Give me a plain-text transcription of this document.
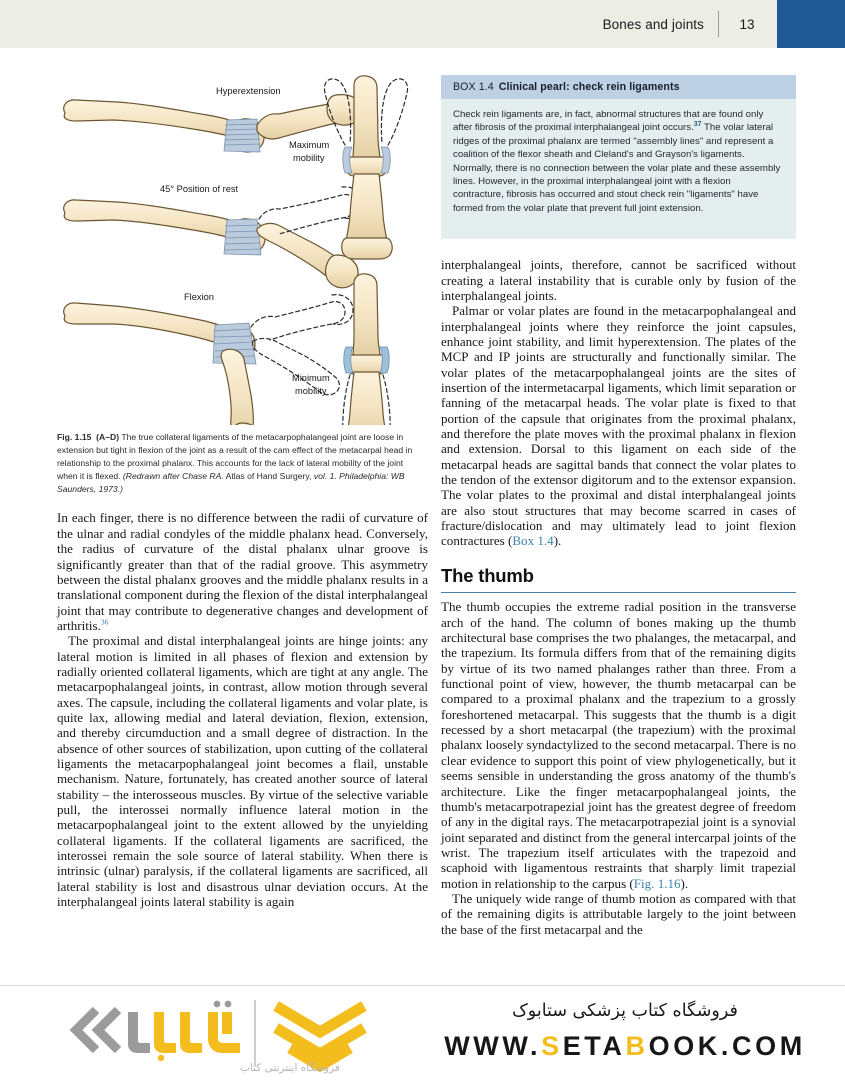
Bones and joints	13
Hyperextension
45° Position of rest
Flexion
Maximum
mobility
Minimum
mobility
Fig. 1.15 (A–D) The true collateral ligaments of the metacarpophalangeal joint are loose in extension but tight in flexion of the joint as a result of the cam effect of the metacarpal head in relationship to the proximal phalanx. This accounts for the lack of lateral mobility of the joint when it is flexed. (Redrawn after Chase RA. Atlas of Hand Surgery, vol. 1. Philadelphia: WB Saunders, 1973.)

In each finger, there is no difference between the radii of curvature of the ulnar and radial condyles of the middle phalanx head. Conversely, the radius of curvature of the distal phalanx ulnar groove is significantly greater than that of the radial groove. This asymmetry between the distal phalanx grooves and the middle phalanx results in a translational component during the flexion of the distal interphalangeal joint that may contribute to degenerative changes and development of arthritis.$^{36}$

The proximal and distal interphalangeal joints are hinge joints: any lateral motion is limited in all phases of flexion and extension by radially oriented collateral ligaments, which are tight at any angle. The metacarpophalangeal joints, in contrast, allow motion through several axes. The capsule, including the collateral ligaments and volar plate, is quite lax, allowing medial and lateral deviation, flexion, extension, and thereby circumduction and a small degree of distraction. In the absence of other sources of stabilization, upon cutting of the collateral ligaments the metacarpophalangeal joint becomes a flail, unstable mechanism. Nature, fortunately, has created another source of lateral stability – the interosseous muscles. By virtue of the selective variable pull, the interossei normally influence lateral motion in the metacarpophalangeal joint to the extent allowed by the unyielding collateral ligaments. If the collateral ligaments are sacrificed, the interossei remain the sole source of lateral stability. When there is intrinsic (ulnar) paralysis, if the collateral ligaments are sacrificed, all lateral stability is lost and disastrous ulnar deviation occurs. At the interphalangeal joints lateral stability is again

BOX 1.4 Clinical pearl: check rein ligaments
Check rein ligaments are, in fact, abnormal structures that are found only after fibrosis of the proximal interphalangeal joint occurs.$^{37}$ The volar lateral ridges of the proximal phalanx are termed "assembly lines" and represent a coalition of the flexor sheath and Cleland's and Grayson's ligaments. Normally, there is no connection between the volar plate and these assembly lines. However, in the proximal interphalangeal joint with a flexion contracture, fibrosis has occurred and stout check rein "ligaments" have formed from the volar plate that prevent full joint extension.

interphalangeal joints, therefore, cannot be sacrificed without creating a lateral instability that is curable only by fusion of the interphalangeal joints.

Palmar or volar plates are found in the metacarpophalangeal and interphalangeal joints where they reinforce the joint capsules, enhance joint stability, and limit hyperextension. The plates of the MCP and IP joints are structurally and functionally similar. The volar plates of the metacarpophalangeal joints are the sites of insertion of the intermetacarpal ligaments, which limit separation or fanning of the metacarpal heads. The volar plate is fixed to that portion of the capsule that originates from the proximal phalanx, and therefore the plate moves with the proximal phalanx in flexion and extension. Dorsal to this ligament on each side of the metacarpal heads are sagittal bands that connect the volar plates to the tendon of the extensor digitorum and to the extensor expansion. The volar plates to the proximal and distal interphalangeal joints are also stout structures that may become scarred in cases of fracture/dislocation and may ultimately lead to joint flexion contractures (Box 1.4).

The thumb

The thumb occupies the extreme radial position in the transverse arch of the hand. The column of bones making up the thumb architectural base comprises the two phalanges, the metacarpal, and the trapezium. Its formula differs from that of the remaining digits by virtue of its two named phalanges rather than three. From a functional point of view, however, the thumb metacarpal can be compared to a proximal phalanx and the trapezium to a grossly foreshortened metacarpal. This suggests that the thumb is a digit recessed by a short metacarpal (the trapezium) with the proximal phalanx loosely syndactylized to the second metacarpal. There is no clear evidence to support this point of view phylogenetically, but it seems sensible in understanding the gross anatomy of the thumb's architecture. Like the finger metacarpophalangeal joints, the thumb's metacarpotrapezial joint has the greatest degree of freedom of any in the digital rays. The metacarpotrapezial joint is a synovial joint separated and distinct from the general intercarpal joints of the wrist. The trapezium itself articulates with the trapezoid and scaphoid with ligamentous restraints that sharply limit trapezial motion in relationship to the carpus (Fig. 1.16).

The uniquely wide range of thumb motion as compared with that of the remaining digits is attributable largely to the joint between the base of the first metacarpal and the

فروشگاه اینترنتی کتاب
فروشگاه کتاب پزشکی ستابوک
WWW.SETABOOK.COM
